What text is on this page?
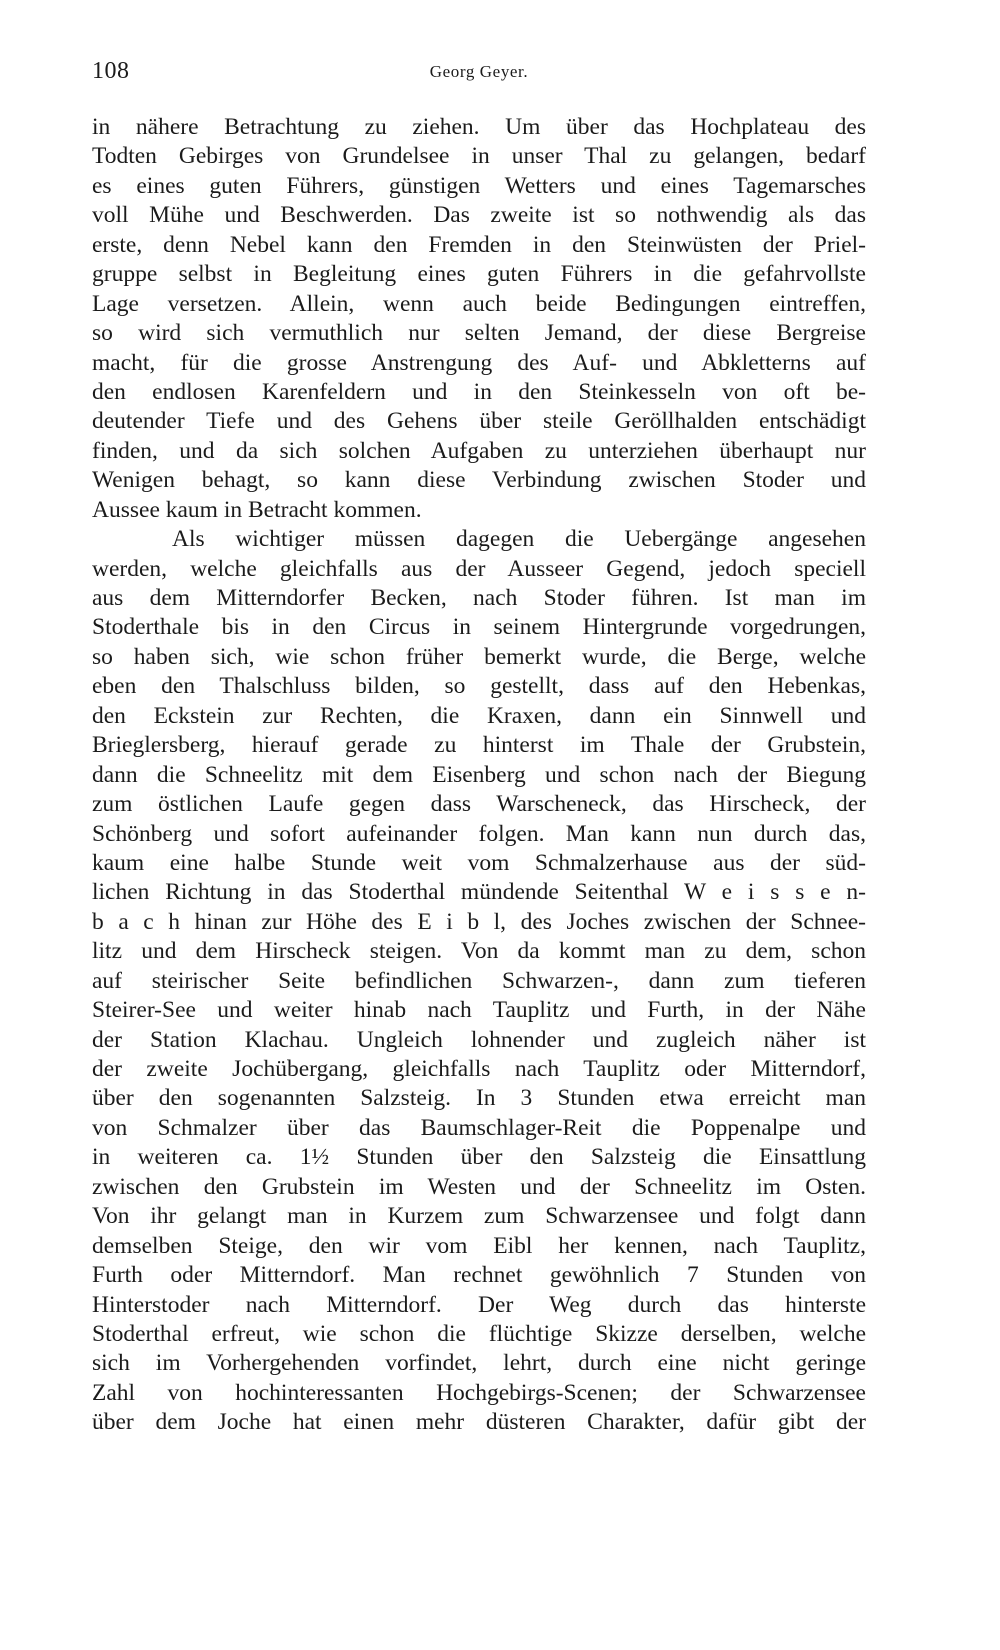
108	Georg Geyer.
in nähere Betrachtung zu ziehen. Um über das Hochplateau des
Todten Gebirges von Grundelsee in unser Thal zu gelangen, bedarf
es eines guten Führers, günstigen Wetters und eines Tagemarsches
voll Mühe und Beschwerden. Das zweite ist so nothwendig als das
erste, denn Nebel kann den Fremden in den Steinwüsten der Priel-
gruppe selbst in Begleitung eines guten Führers in die gefahrvollste
Lage versetzen. Allein, wenn auch beide Bedingungen eintreffen,
so wird sich vermuthlich nur selten Jemand, der diese Bergreise
macht, für die grosse Anstrengung des Auf- und Abkletterns auf
den endlosen Karenfeldern und in den Steinkesseln von oft be-
deutender Tiefe und des Gehens über steile Geröllhalden entschädigt
finden, und da sich solchen Aufgaben zu unterziehen überhaupt nur
Wenigen behagt, so kann diese Verbindung zwischen Stoder und
Aussee kaum in Betracht kommen.
Als wichtiger müssen dagegen die Uebergänge angesehen
werden, welche gleichfalls aus der Ausseer Gegend, jedoch speciell
aus dem Mitterndorfer Becken, nach Stoder führen. Ist man im
Stoderthale bis in den Circus in seinem Hintergrunde vorgedrungen,
so haben sich, wie schon früher bemerkt wurde, die Berge, welche
eben den Thalschluss bilden, so gestellt, dass auf den Hebenkas,
den Eckstein zur Rechten, die Kraxen, dann ein Sinnwell und
Brieglersberg, hierauf gerade zu hinterst im Thale der Grubstein,
dann die Schneelitz mit dem Eisenberg und schon nach der Biegung
zum östlichen Laufe gegen dass Warscheneck, das Hirscheck, der
Schönberg und sofort aufeinander folgen. Man kann nun durch das,
kaum eine halbe Stunde weit vom Schmalzerhause aus der süd-
lichen Richtung in das Stoderthal mündende Seitenthal W e i s s e n-
b a c h hinan zur Höhe des E i b l, des Joches zwischen der Schnee-
litz und dem Hirscheck steigen. Von da kommt man zu dem, schon
auf steirischer Seite befindlichen Schwarzen-, dann zum tieferen
Steirer-See und weiter hinab nach Tauplitz und Furth, in der Nähe
der Station Klachau. Ungleich lohnender und zugleich näher ist
der zweite Jochübergang, gleichfalls nach Tauplitz oder Mitterndorf,
über den sogenannten Salzsteig. In 3 Stunden etwa erreicht man
von Schmalzer über das Baumschlager-Reit die Poppenalpe und
in weiteren ca. 1½ Stunden über den Salzsteig die Einsattlung
zwischen den Grubstein im Westen und der Schneelitz im Osten.
Von ihr gelangt man in Kurzem zum Schwarzensee und folgt dann
demselben Steige, den wir vom Eibl her kennen, nach Tauplitz,
Furth oder Mitterndorf. Man rechnet gewöhnlich 7 Stunden von
Hinterstoder nach Mitterndorf. Der Weg durch das hinterste
Stoderthal erfreut, wie schon die flüchtige Skizze derselben, welche
sich im Vorhergehenden vorfindet, lehrt, durch eine nicht geringe
Zahl von hochinteressanten Hochgebirgs-Scenen; der Schwarzensee
über dem Joche hat einen mehr düsteren Charakter, dafür gibt der
